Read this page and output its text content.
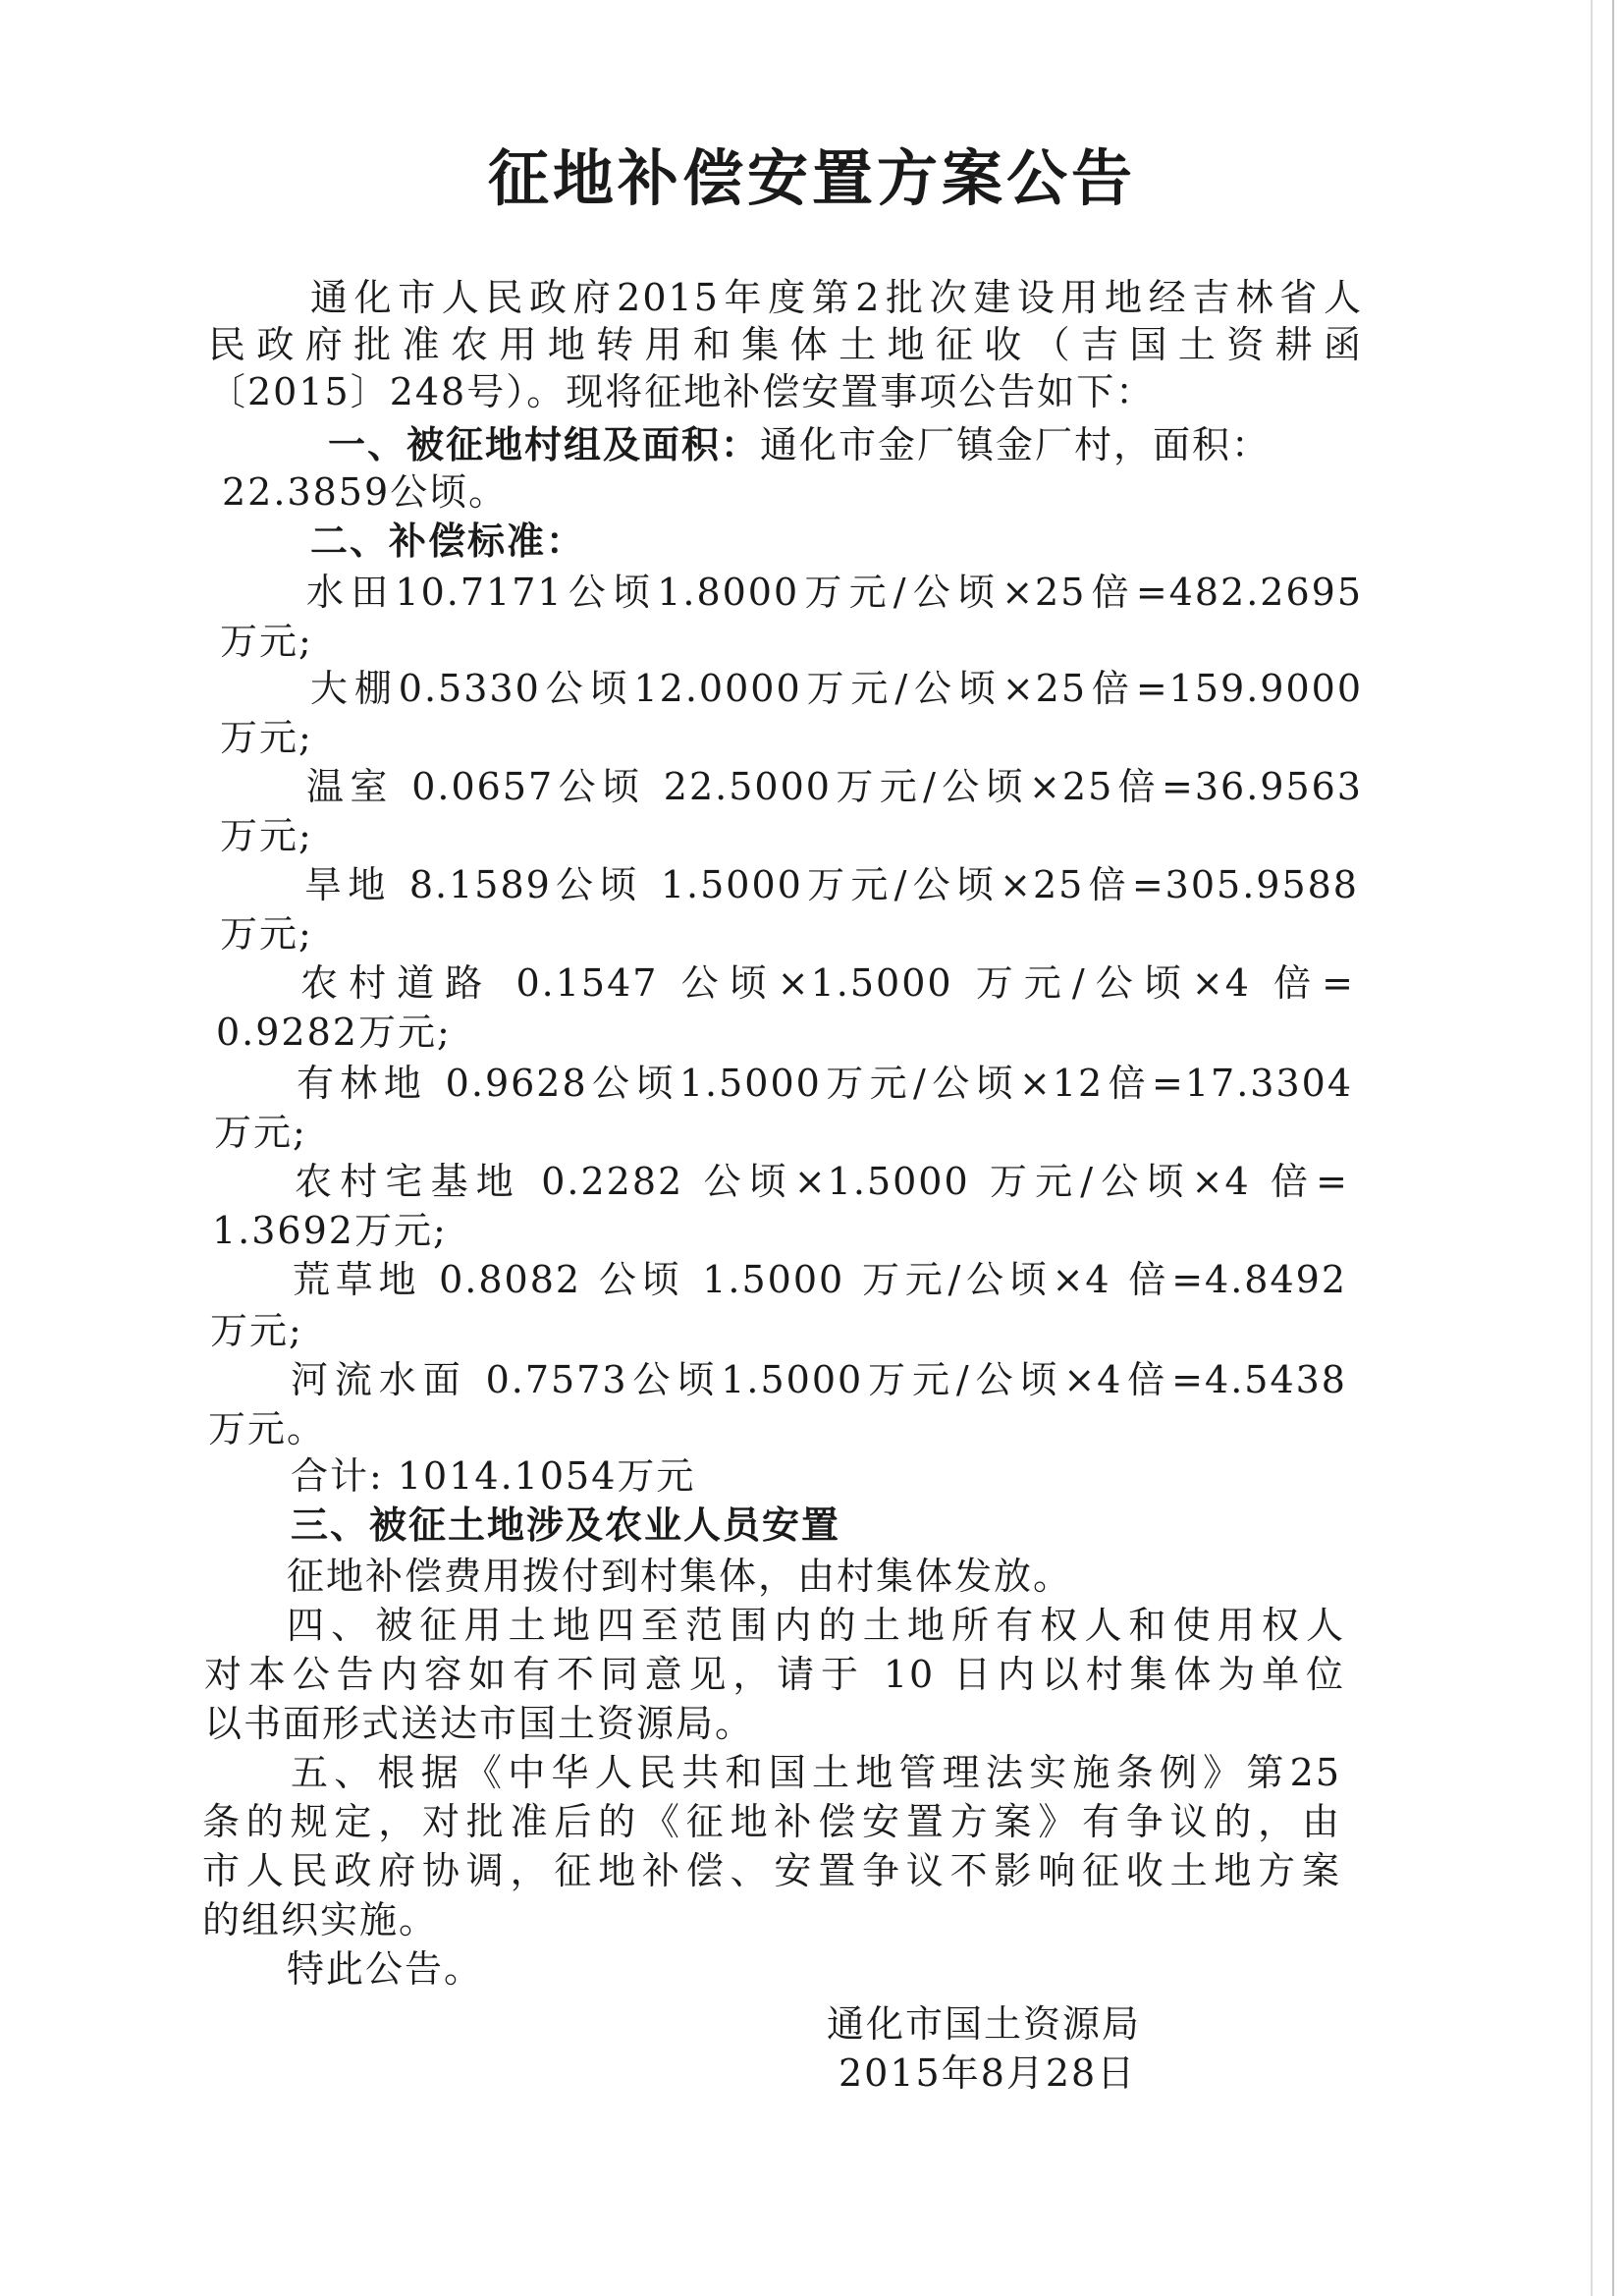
征地补偿安置方案公告
通化市人民政府2015年度第2批次建设用地经吉林省人
民政府批准农用地转用和集体土地征收（吉国土资耕函
〔2015〕248号）。现将征地补偿安置事项公告如下：
一、被征地村组及面积：通化市金厂镇金厂村，面积：
22.3859公顷。
二、补偿标准：
水田10.7171公顷1.8000万元/公顷×25倍=482.2695
万元;
大棚0.5330公顷12.0000万元/公顷×25倍=159.9000
万元;
温室 0.0657公顷 22.5000万元/公顷×25倍=36.9563
万元;
旱地 8.1589公顷 1.5000万元/公顷×25倍=305.9588
万元;
农村道路 0.1547 公顷×1.5000 万元/公顷×4 倍=
0.9282万元;
有林地 0.9628公顷1.5000万元/公顷×12倍=17.3304
万元;
农村宅基地 0.2282 公顷×1.5000 万元/公顷×4 倍=
1.3692万元;
荒草地 0.8082 公顷 1.5000 万元/公顷×4 倍=4.8492
万元;
河流水面 0.7573公顷1.5000万元/公顷×4倍=4.5438
万元。
合计: 1014.1054万元
三、被征土地涉及农业人员安置
征地补偿费用拨付到村集体，由村集体发放。
四、被征用土地四至范围内的土地所有权人和使用权人
对本公告内容如有不同意见，请于 10 日内以村集体为单位
以书面形式送达市国土资源局。
五、根据《中华人民共和国土地管理法实施条例》第25
条的规定，对批准后的《征地补偿安置方案》有争议的，由
市人民政府协调，征地补偿、安置争议不影响征收土地方案
的组织实施。
特此公告。
通化市国土资源局
2015年8月28日
